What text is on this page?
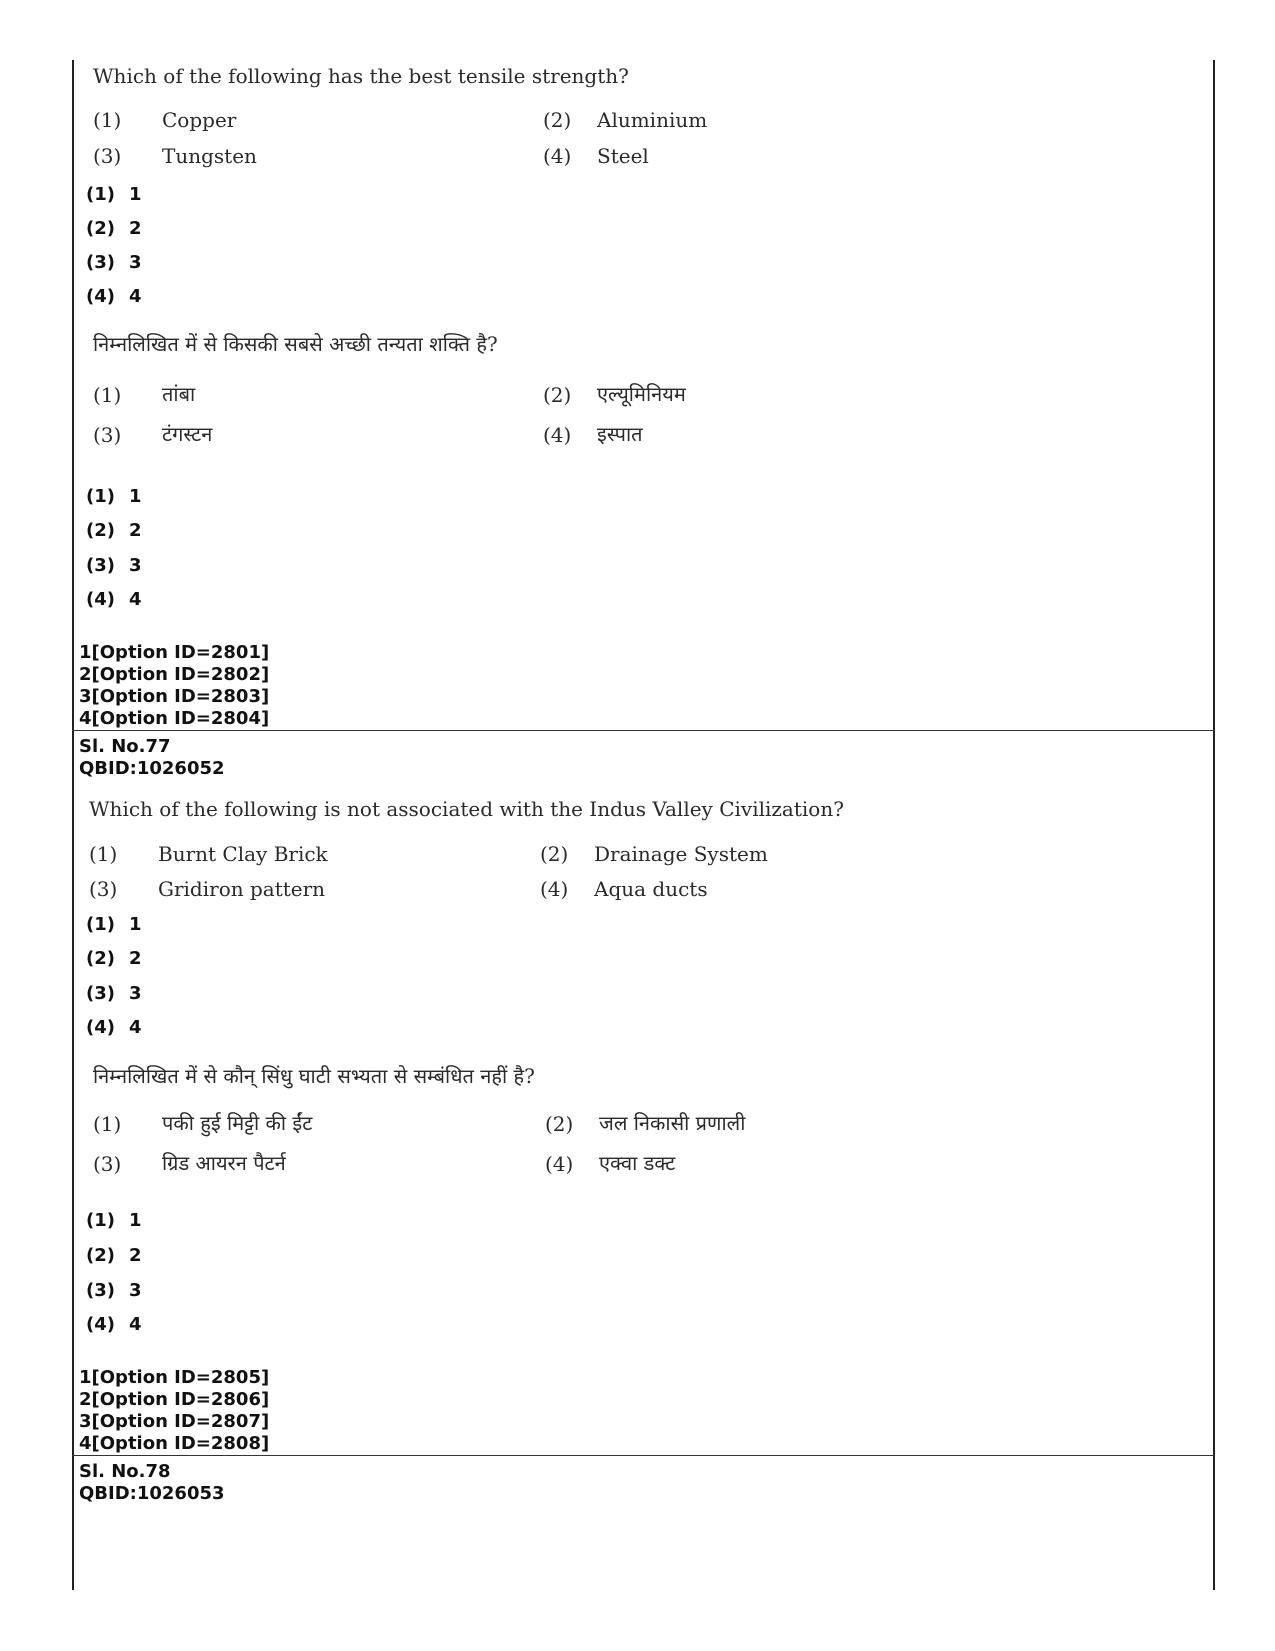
Which of the following has the best tensile strength?
(1) Copper	(2) Aluminium
(3) Tungsten	(4) Steel
(1) 1
(2) 2
(3) 3
(4) 4
निम्नलिखित में से किसकी सबसे अच्छी तन्यता शक्ति है?
(1) तांबा	(2) एल्यूमिनियम
(3) टंगस्टन	(4) इस्पात
(1) 1
(2) 2
(3) 3
(4) 4
1[Option ID=2801]
2[Option ID=2802]
3[Option ID=2803]
4[Option ID=2804]
Sl. No.77
QBID:1026052
Which of the following is not associated with the Indus Valley Civilization?
(1) Burnt Clay Brick	(2) Drainage System
(3) Gridiron pattern	(4) Aqua ducts
(1) 1
(2) 2
(3) 3
(4) 4
निम्नलिखित में से कौन् सिंधु घाटी सभ्यता से सम्बंधित नहीं है?
(1) पकी हुई मिट्टी की ईंट	(2) जल निकासी प्रणाली
(3) ग्रिड आयरन पैटर्न	(4) एक्वा डक्ट
(1) 1
(2) 2
(3) 3
(4) 4
1[Option ID=2805]
2[Option ID=2806]
3[Option ID=2807]
4[Option ID=2808]
Sl. No.78
QBID:1026053
